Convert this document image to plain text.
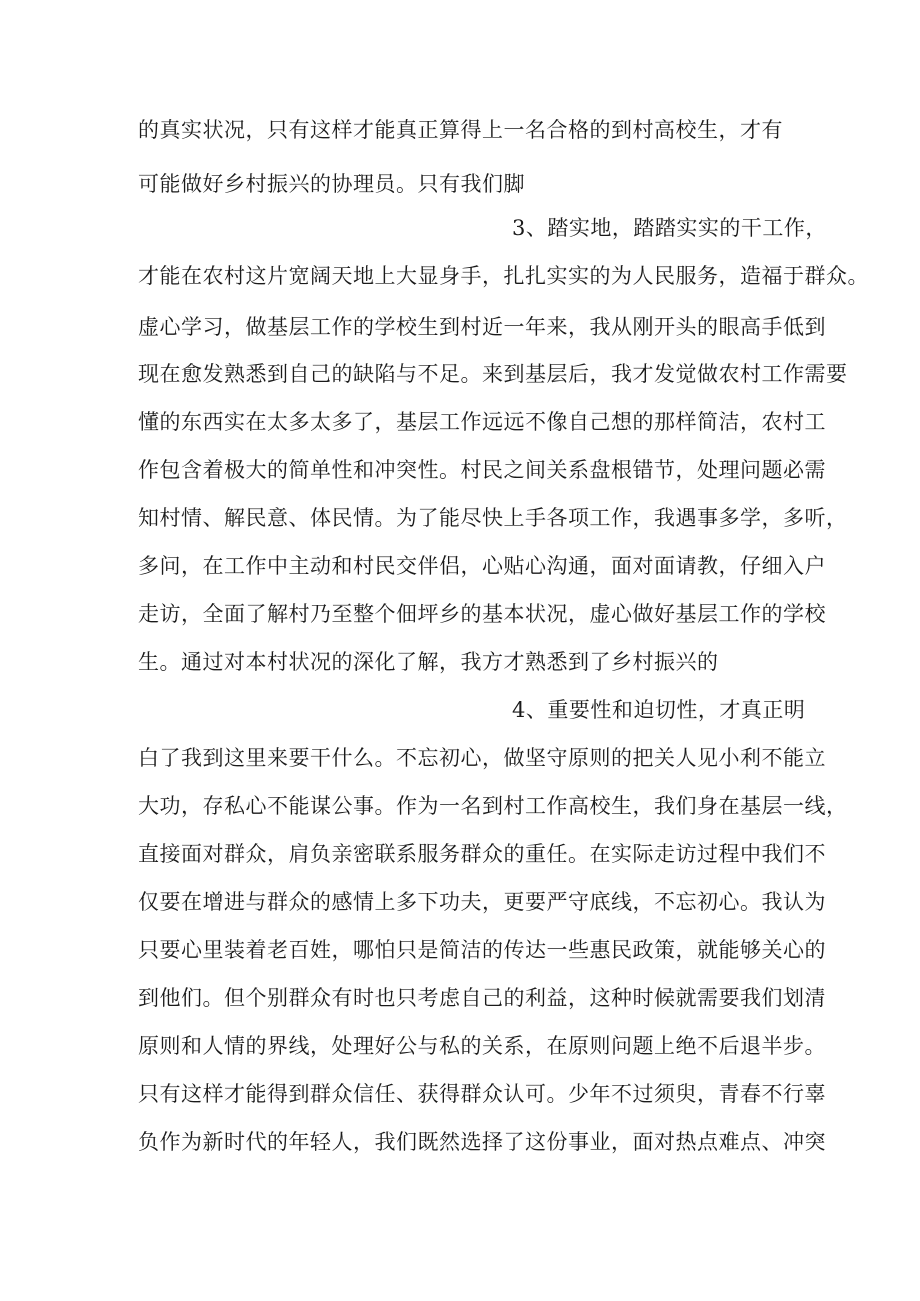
的真实状况，只有这样才能真正算得上一名合格的到村高校生，才有
可能做好乡村振兴的协理员。只有我们脚
3、踏实地，踏踏实实的干工作，
才能在农村这片宽阔天地上大显身手，扎扎实实的为人民服务，造福于群众。
虚心学习，做基层工作的学校生到村近一年来，我从刚开头的眼高手低到
现在愈发熟悉到自己的缺陷与不足。来到基层后，我才发觉做农村工作需要
懂的东西实在太多太多了，基层工作远远不像自己想的那样简洁，农村工
作包含着极大的简单性和冲突性。村民之间关系盘根错节，处理问题必需
知村情、解民意、体民情。为了能尽快上手各项工作，我遇事多学，多听，
多问，在工作中主动和村民交伴侣，心贴心沟通，面对面请教，仔细入户
走访，全面了解村乃至整个佃坪乡的基本状况，虚心做好基层工作的学校
生。通过对本村状况的深化了解，我方才熟悉到了乡村振兴的
4、重要性和迫切性，才真正明
白了我到这里来要干什么。不忘初心，做坚守原则的把关人见小利不能立
大功，存私心不能谋公事。作为一名到村工作高校生，我们身在基层一线，
直接面对群众，肩负亲密联系服务群众的重任。在实际走访过程中我们不
仅要在增进与群众的感情上多下功夫，更要严守底线，不忘初心。我认为
只要心里装着老百姓，哪怕只是简洁的传达一些惠民政策，就能够关心的
到他们。但个别群众有时也只考虑自己的利益，这种时候就需要我们划清
原则和人情的界线，处理好公与私的关系，在原则问题上绝不后退半步。
只有这样才能得到群众信任、获得群众认可。少年不过须臾，青春不行辜
负作为新时代的年轻人，我们既然选择了这份事业，面对热点难点、冲突
